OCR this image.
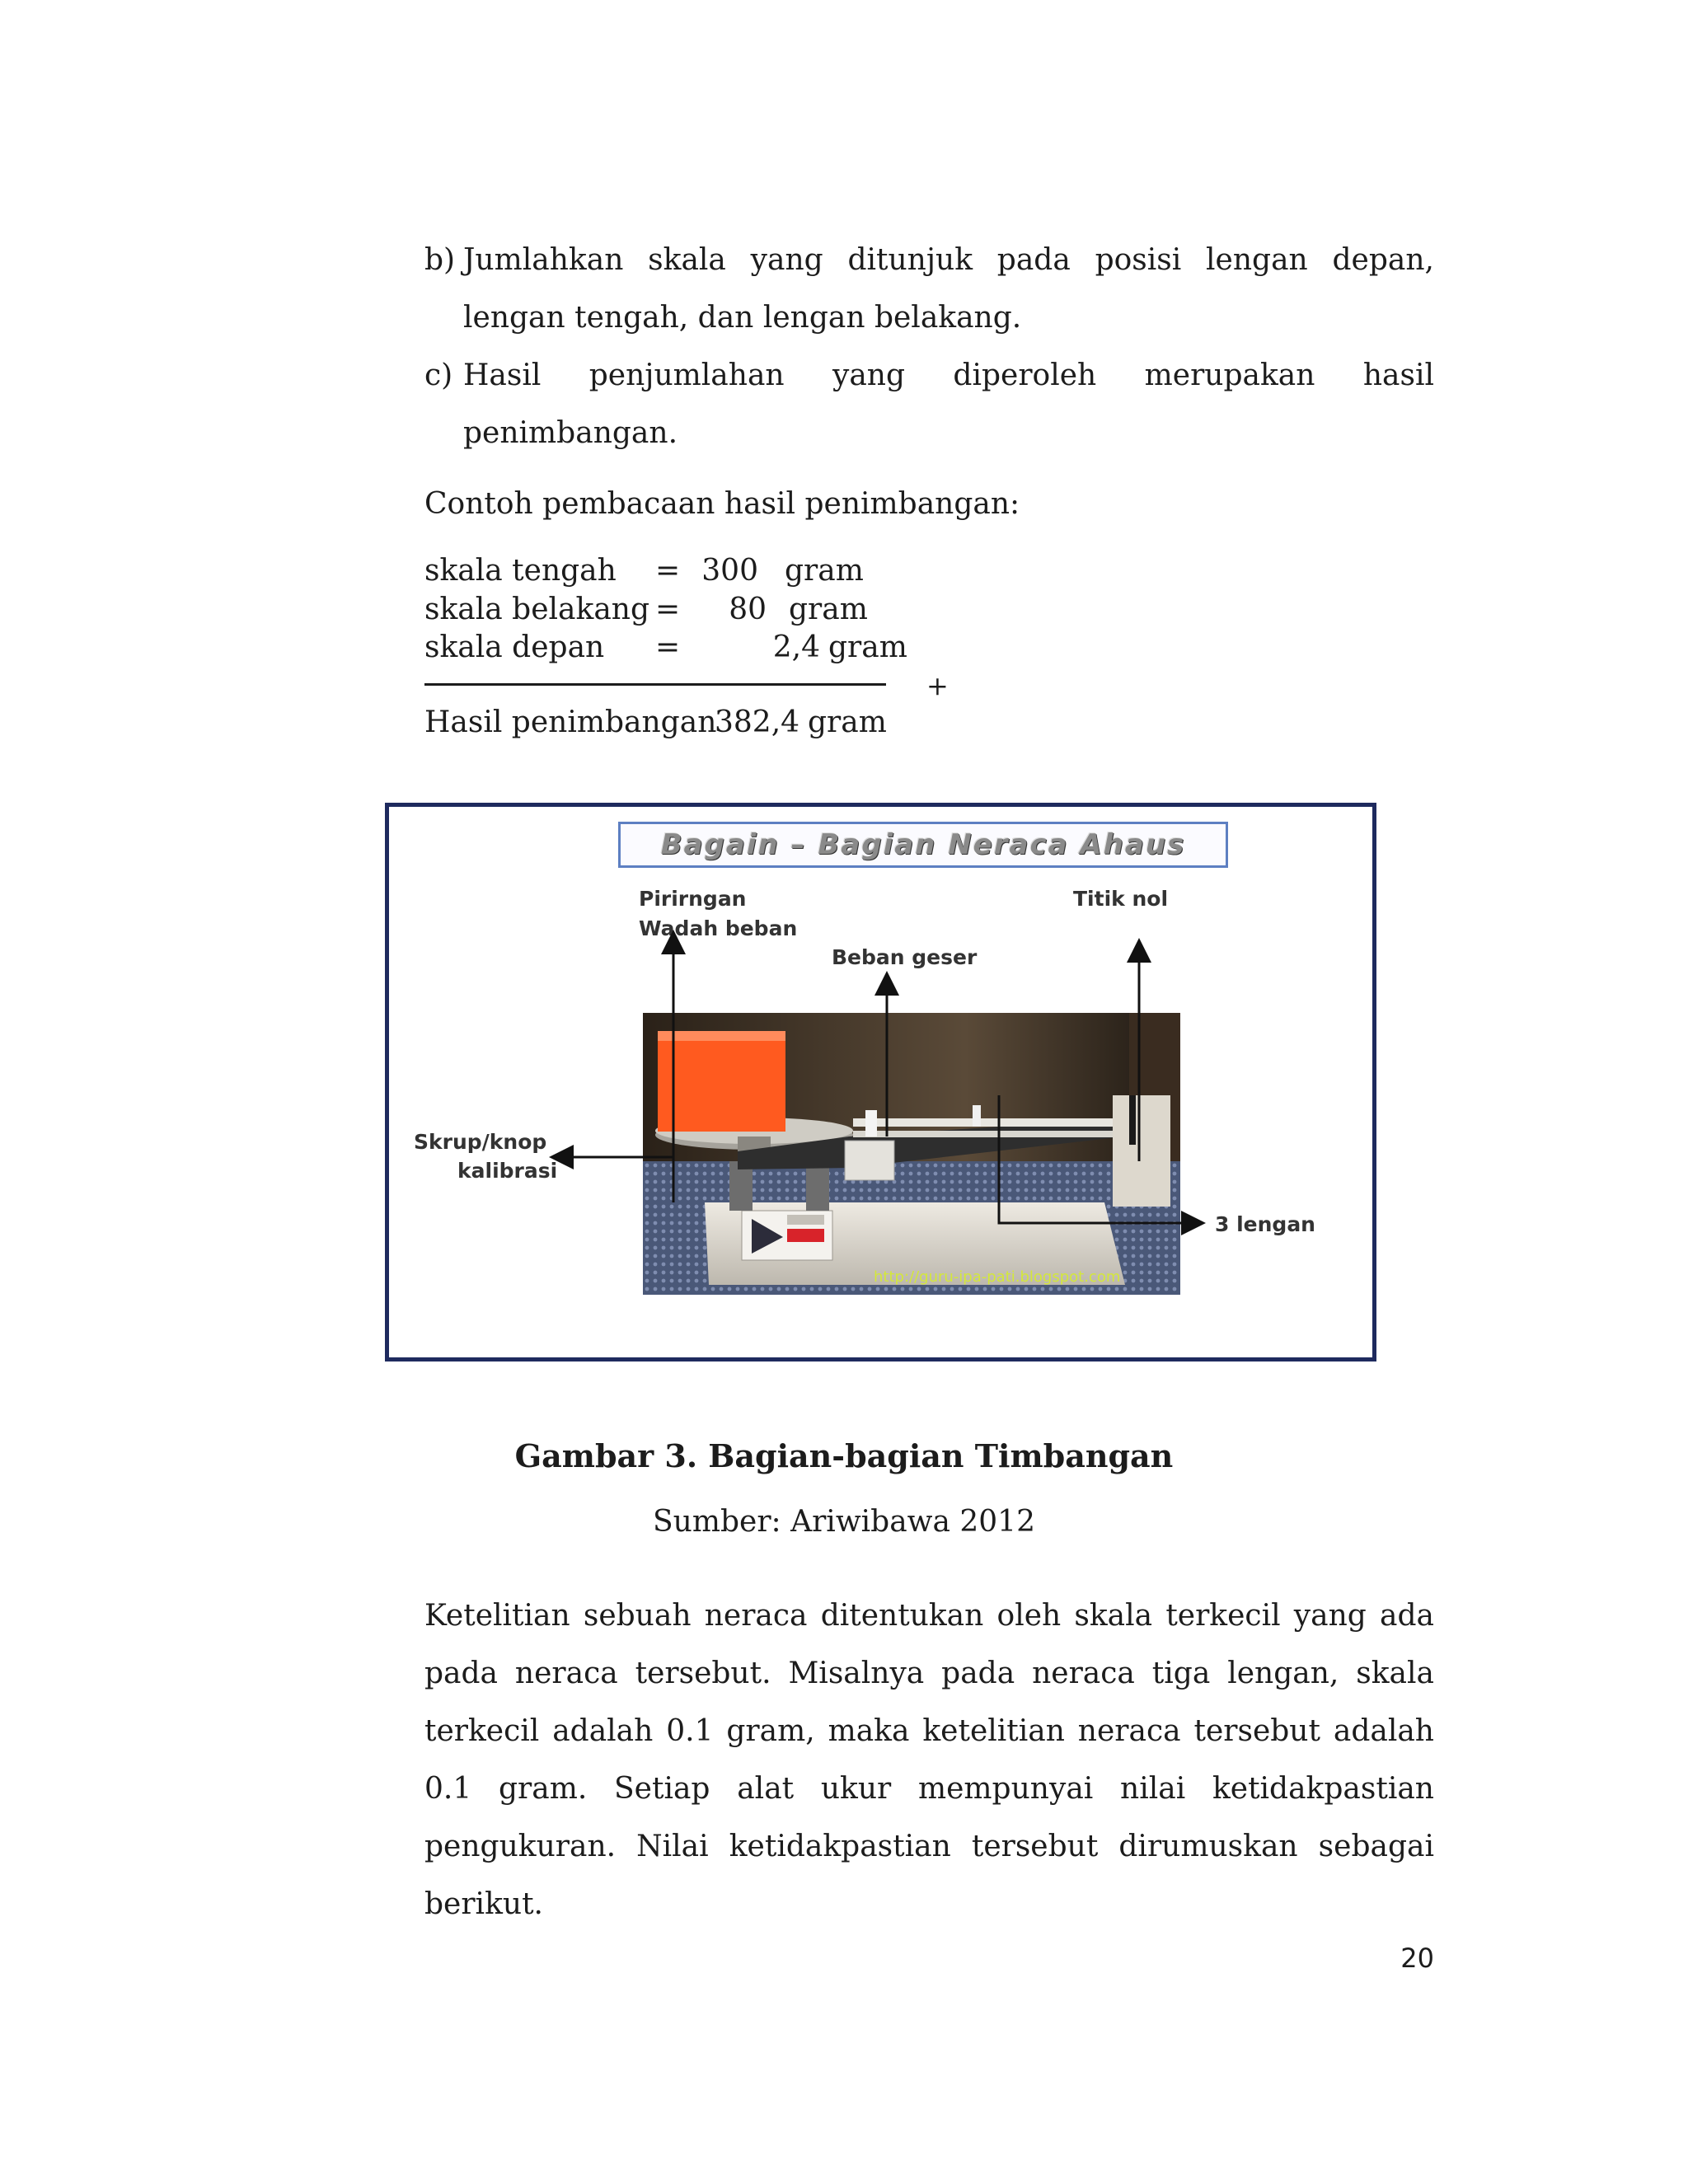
b) Jumlahkan skala yang ditunjuk pada posisi lengan depan, lengan tengah, dan lengan belakang.
c) Hasil penjumlahan yang diperoleh merupakan hasil penimbangan.
Contoh pembacaan hasil penimbangan:
skala tengah = 300 gram
skala belakang =	80 gram
skala depan =	2,4 gram
+
Hasil penimbangan
382,4 gram
Bagain – Bagian Neraca Ahaus
Pirirngan
Wadah beban
Titik nol
Beban geser
Skrup/knop
kalibrasi
3 lengan
http://guru-ipa-pati.blogspot.com
Gambar 3. Bagian-bagian Timbangan
Sumber: Ariwibawa 2012
Ketelitian sebuah neraca ditentukan oleh skala terkecil yang ada pada neraca tersebut. Misalnya pada neraca tiga lengan, skala terkecil adalah 0.1 gram, maka ketelitian neraca tersebut adalah 0.1 gram. Setiap alat ukur mempunyai nilai ketidakpastian pengukuran. Nilai ketidakpastian tersebut dirumuskan sebagai berikut.
20
